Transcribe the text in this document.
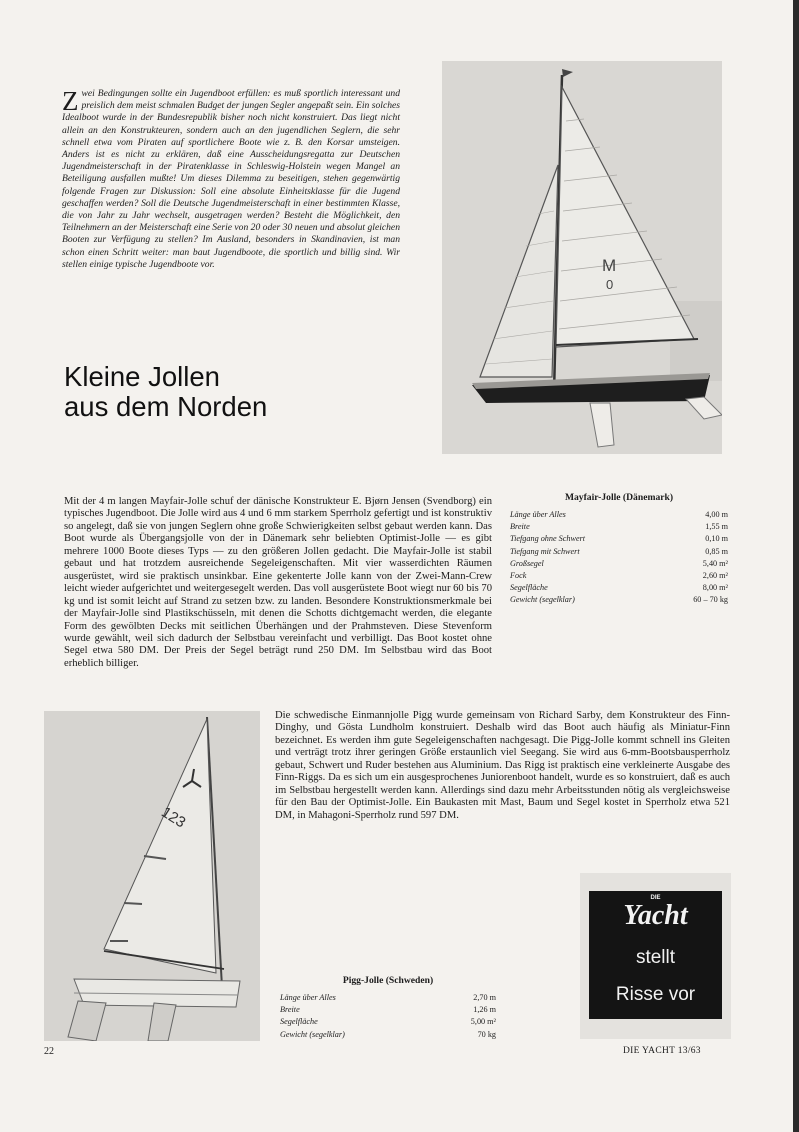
Zwei Bedingungen sollte ein Jugendboot erfüllen: es muß sportlich interessant und preislich dem meist schmalen Budget der jungen Segler angepaßt sein. Ein solches Idealboot wurde in der Bundesrepublik bisher noch nicht konstruiert. Das liegt nicht allein an den Konstrukteuren, sondern auch an den jugendlichen Seglern, die sehr schnell etwa vom Piraten auf sportlichere Boote wie z. B. den Korsar umsteigen. Anders ist es nicht zu erklären, daß eine Ausscheidungsregatta zur Deutschen Jugendmeisterschaft in der Piratenklasse in Schleswig-Holstein wegen Mangel an Beteiligung ausfallen mußte! Um dieses Dilemma zu beseitigen, stehen gegenwärtig folgende Fragen zur Diskussion: Soll eine absolute Einheitsklasse für die Jugend geschaffen werden? Soll die Deutsche Jugendmeisterschaft in einer bestimmten Klasse, die von Jahr zu Jahr wechselt, ausgetragen werden? Besteht die Möglichkeit, den Teilnehmern an der Meisterschaft eine Serie von 20 oder 30 neuen und absolut gleichen Booten zur Verfügung zu stellen? Im Ausland, besonders in Skandinavien, ist man schon einen Schritt weiter: man baut Jugendboote, die sportlich und billig sind. Wir stellen einige typische Jugendboote vor.

Kleine Jollen
aus dem Norden
M
0

Mit der 4 m langen Mayfair-Jolle schuf der dänische Konstrukteur E. Bjørn Jensen (Svendborg) ein typisches Jugendboot. Die Jolle wird aus 4 und 6 mm starkem Sperrholz gefertigt und ist konstruktiv so angelegt, daß sie von jungen Seglern ohne große Schwierigkeiten selbst gebaut werden kann. Das Boot wurde als Übergangsjolle von der in Dänemark sehr beliebten Optimist-Jolle — es gibt mehrere 1000 Boote dieses Typs — zu den größeren Jollen gedacht. Die Mayfair-Jolle ist stabil gebaut und hat trotzdem ausreichende Segeleigenschaften. Mit vier wasserdichten Räumen ausgerüstet, wird sie praktisch unsinkbar. Eine gekenterte Jolle kann von der Zwei-Mann-Crew leicht wieder aufgerichtet und weitergesegelt werden. Das voll ausgerüstete Boot wiegt nur 60 bis 70 kg und ist somit leicht auf Strand zu setzen bzw. zu landen. Besondere Konstruktionsmerkmale bei der Mayfair-Jolle sind Plastikschüsseln, mit denen die Schotts dichtgemacht werden, die elegante Form des gewölbten Decks mit seitlichen Überhängen und der Prahmsteven. Diese Stevenform wurde gewählt, weil sich dadurch der Selbstbau vereinfacht und verbilligt. Das Boot kostet ohne Segel etwa 580 DM. Der Preis der Segel beträgt rund 250 DM. Im Selbstbau wird das Boot erheblich billiger.

Mayfair-Jolle (Dänemark)

Länge über Alles	4,00 m
Breite	1,55 m
Tiefgang ohne Schwert	0,10 m
Tiefgang mit Schwert	0,85 m
Großsegel	5,40 m²
Fock	2,60 m²
Segelfläche	8,00 m²
Gewicht (segelklar)	60 – 70 kg
123

Die schwedische Einmannjolle Pigg wurde gemeinsam von Richard Sarby, dem Konstrukteur des Finn-Dinghy, und Gösta Lundholm konstruiert. Deshalb wird das Boot auch häufig als Miniatur-Finn bezeichnet. Es werden ihm gute Segeleigenschaften nachgesagt. Die Pigg-Jolle kommt schnell ins Gleiten und verträgt trotz ihrer geringen Größe erstaunlich viel Seegang. Sie wird aus 6-mm-Bootsbausperrholz gebaut, Schwert und Ruder bestehen aus Aluminium. Das Rigg ist praktisch eine verkleinerte Ausgabe des Finn-Riggs. Da es sich um ein ausgesprochenes Juniorenboot handelt, wurde es so konstruiert, daß es auch im Selbstbau hergestellt werden kann. Allerdings sind dazu mehr Arbeitsstunden nötig als vergleichsweise für den Bau der Optimist-Jolle. Ein Baukasten mit Mast, Baum und Segel kostet in Sperrholz etwa 521 DM, in Mahagoni-Sperrholz rund 597 DM.

Pigg-Jolle (Schweden)

Länge über Alles	2,70 m
Breite	1,26 m
Segelfläche	5,00 m²
Gewicht (segelklar)	70 kg
DIE
Yacht
stellt
Risse vor
22	DIE YACHT 13/63
